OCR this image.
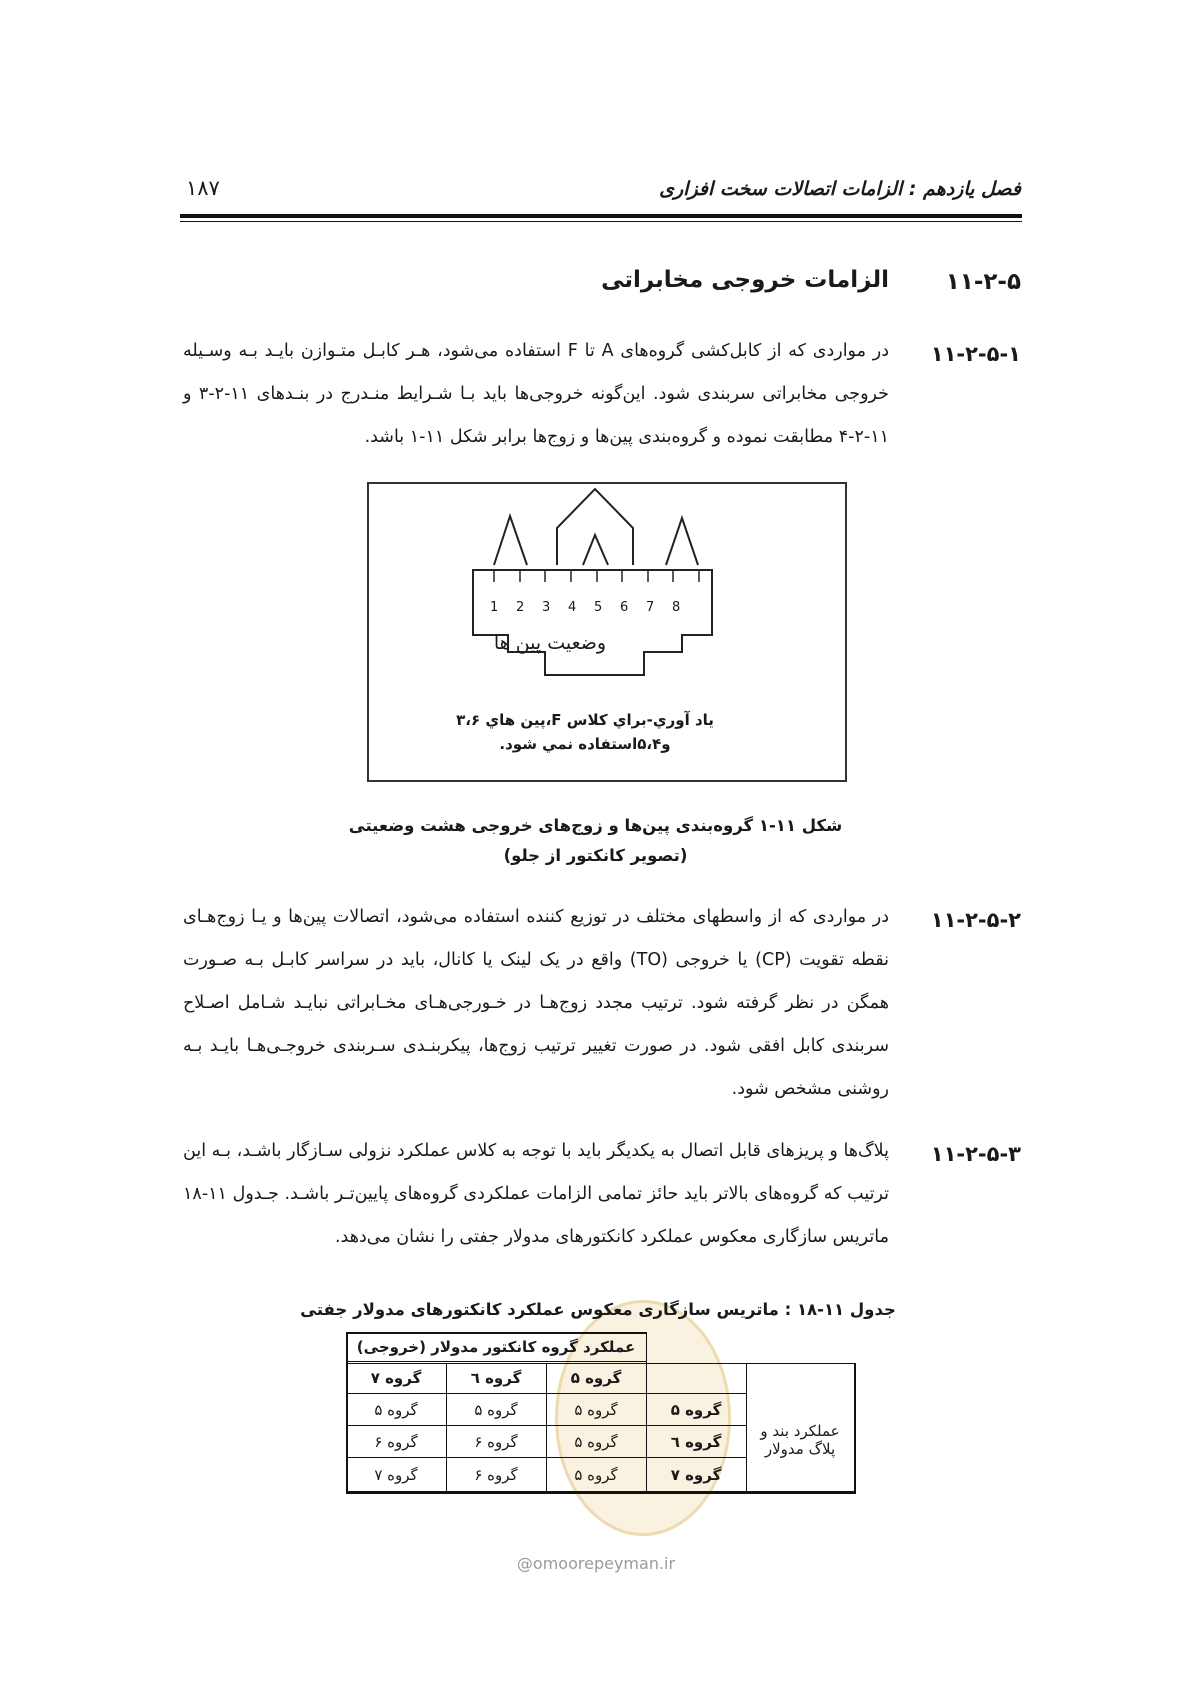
فصل یازدهم : الزامات اتصالات سخت افزاری
۱۸۷
۱۱-۲-۵
الزامات خروجی مخابراتی
۱۱-۲-۵-۱
در مواردی که از کابل‌کشی گروه‌های A تا F استفاده می‌شود، هـر کابـل متـوازن بایـد بـه وسـیله خروجی مخابراتی سربندی شود. این‌گونه خروجی‌ها باید بـا شـرایط منـدرج در بنـدهای ۱۱-۲-۳ و ۱۱-۲-۴ مطابقت نموده و گروه‌بندی پین‌ها و زوج‌ها برابر شکل ۱۱-۱ باشد.
1 2 3 4 5 6 7 8
وضعیت پین ها
ياد آوري-براي كلاس F،پين هاي ۳،۶
و۵،۴استفاده نمي شود.
شکل ۱۱-۱ گروه‌بندی پین‌ها و زوج‌های خروجی هشت وضعیتی
(تصویر کانکتور از جلو)
۱۱-۲-۵-۲
در مواردی که از واسطهای مختلف در توزیع کننده استفاده می‌شود، اتصالات پین‌ها و یـا زوج‌هـای نقطه تقویت (CP) یا خروجی (TO) واقع در یک لینک یا کانال، باید در سراسر کابـل بـه صـورت همگن در نظر گرفته شود. ترتیب مجدد زوج‌هـا در خـورجی‌هـای مخـابراتی نبایـد شـامل اصـلاح سربندی کابل افقی شود. در صورت تغییر ترتیب زوج‌ها، پیکربنـدی سـربندی خروجـی‌هـا بایـد بـه روشنی مشخص شود.
۱۱-۲-۵-۳
پلاگ‌ها و پریزهای قابل اتصال به یکدیگر باید با توجه به کلاس عملکرد نزولی سـازگار باشـد، بـه این ترتیب که گروه‌های بالاتر باید حائز تمامی الزامات عملکردی گروه‌های پایین‌تـر باشـد. جـدول ۱۱-۱۸ ماتریس سازگاری معکوس عملکرد کانکتورهای مدولار جفتی را نشان می‌دهد.
جدول ۱۱-۱۸ : ماتریس سازگاری معکوس عملکرد کانکتورهای مدولار جفتی
عملکرد گروه کانکتور مدولار (خروجی)
گروه ۵
گروه ٦
گروه ۷
عملکرد بند و
پلاگ مدولار
گروه ۵
گروه ۵
گروه ۵
گروه ۵
گروه ٦
گروه ۵
گروه ۶
گروه ۶
گروه ۷
گروه ۵
گروه ۶
گروه ۷
@omoorepeyman.ir
